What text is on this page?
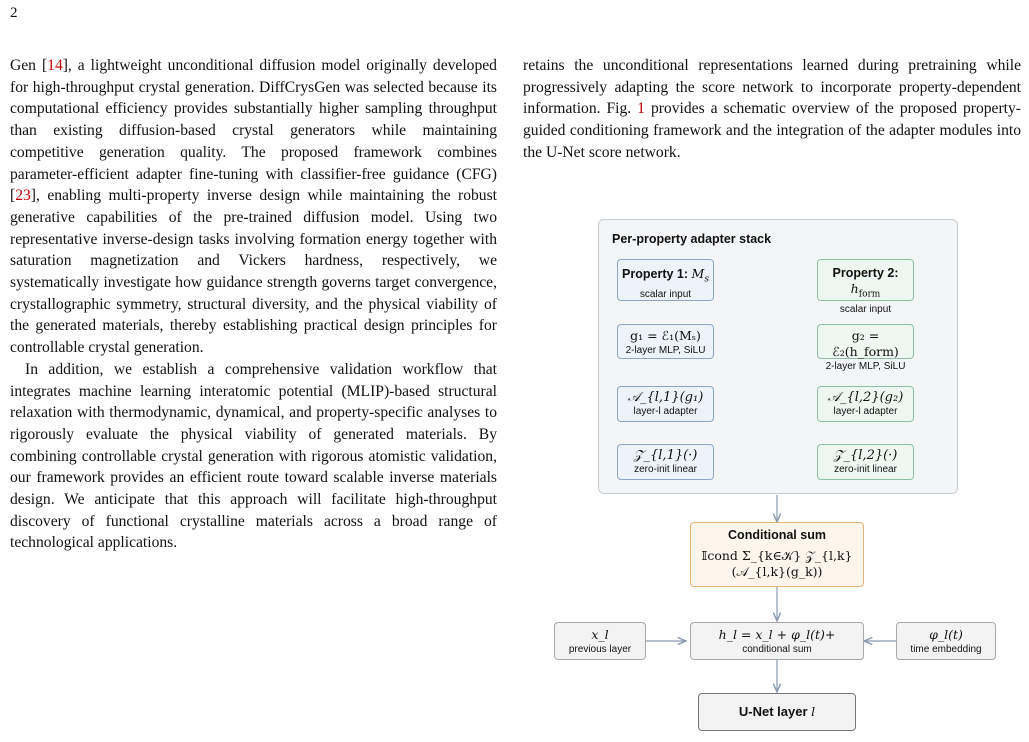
2

Gen [14], a lightweight unconditional diffusion model originally developed for high-throughput crystal generation. DiffCrysGen was selected because its computational efficiency provides substantially higher sampling throughput than existing diffusion-based crystal generators while maintaining competitive generation quality. The proposed framework combines parameter-efficient adapter fine-tuning with classifier-free guidance (CFG) [23], enabling multi-property inverse design while maintaining the robust generative capabilities of the pre-trained diffusion model. Using two representative inverse-design tasks involving formation energy together with saturation magnetization and Vickers hardness, respectively, we systematically investigate how guidance strength governs target convergence, crystallographic symmetry, structural diversity, and the physical viability of the generated materials, thereby establishing practical design principles for controllable crystal generation.

In addition, we establish a comprehensive validation workflow that integrates machine learning interatomic potential (MLIP)-based structural relaxation with thermodynamic, dynamical, and property-specific analyses to rigorously evaluate the physical viability of generated materials. By combining controllable crystal generation with rigorous atomistic validation, our framework provides an efficient route toward scalable inverse materials design. We anticipate that this approach will facilitate high-throughput discovery of functional crystalline materials across a broad range of technological applications.

retains the unconditional representations learned during pretraining while progressively adapting the score network to incorporate property-dependent information. Fig. 1 provides a schematic overview of the proposed property-guided conditioning framework and the integration of the adapter modules into the U-Net score network.

Per-property adapter stack
Property 1: $M_s$
scalar input
g₁ = ℰ₁(Mₛ)
2-layer MLP, SiLU
𝒜_{l,1}(g₁)
layer-l adapter
𝒵_{l,1}(·)
zero-init linear
Property 2: $h_{form}$
scalar input
g₂ = ℰ₂(h_form)
2-layer MLP, SiLU
𝒜_{l,2}(g₂)
layer-l adapter
𝒵_{l,2}(·)
zero-init linear
Conditional sum
𝕀cond Σ_{k∈𝒦} 𝒵_{l,k}(𝒜_{l,k}(g_k))
x_l
previous layer
h_l = x_l + φ_l(t)+
conditional sum
φ_l(t)
time embedding
U-Net layer l
